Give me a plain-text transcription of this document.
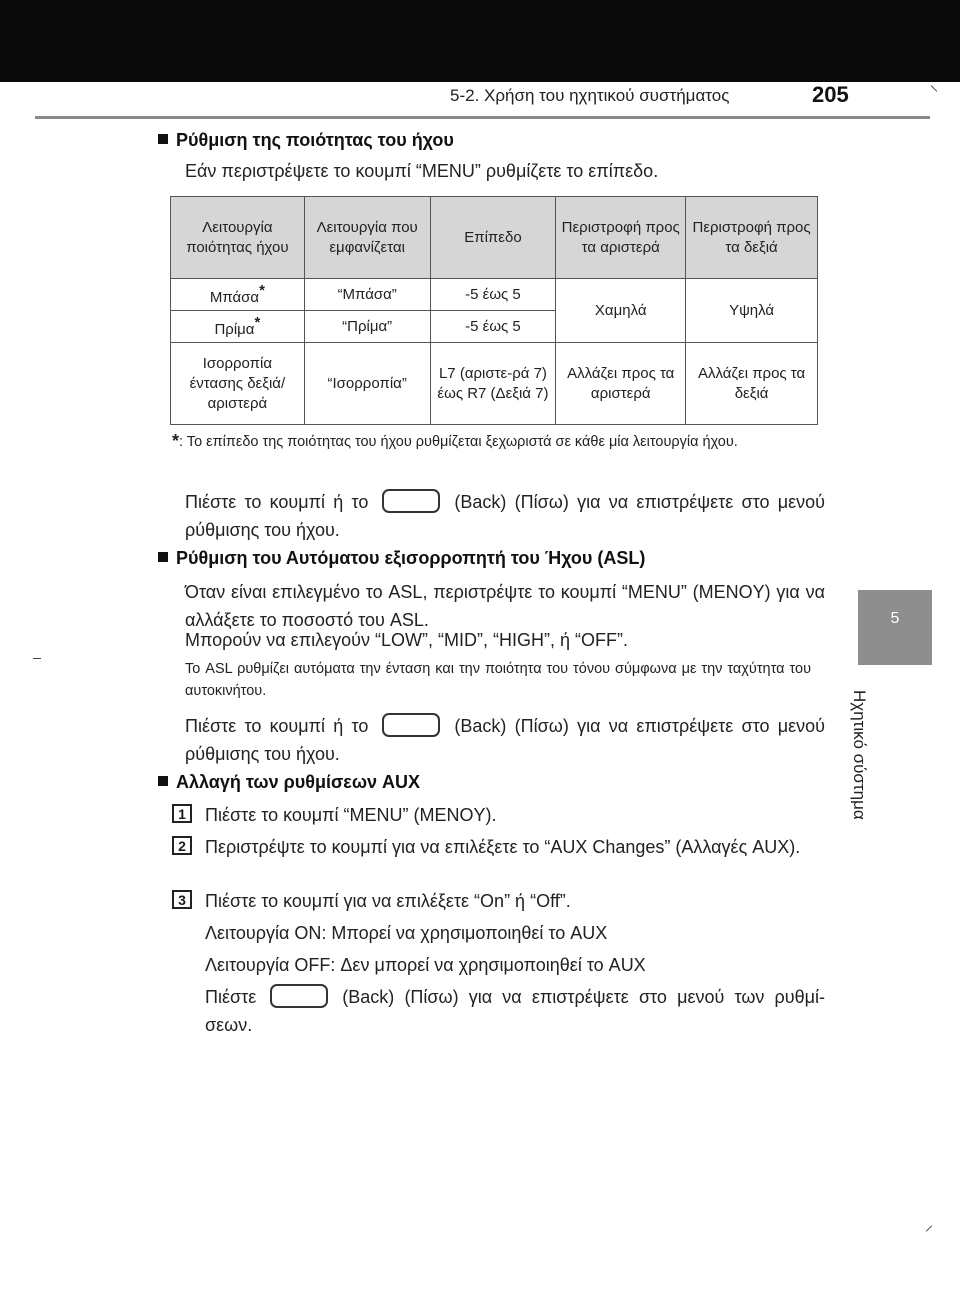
5-2. Χρήση του ηχητικού συστήματος	205
5
Ηχητικό σύστημα
Ρύθμιση της ποιότητας του ήχου
Εάν περιστρέψετε το κουμπί “MENU” ρυθμίζετε το επίπεδο.
Λειτουργία ποιότητας ήχου	Λειτουργία που εμφανίζεται	Επίπεδο	Περιστροφή προς τα αριστερά	Περιστροφή προς τα δεξιά
Μπάσα*	“Μπάσα”	-5 έως 5	Χαμηλά	Υψηλά
Πρίμα*	“Πρίμα”	-5 έως 5		
Ισορροπία έντασης δεξιά/ αριστερά	“Ισορροπία”	L7 (αριστε-ρά 7) έως R7 (Δεξιά 7)	Αλλάζει προς τα αριστερά	Αλλάζει προς τα δεξιά
*: Το επίπεδο της ποιότητας του ήχου ρυθμίζεται ξεχωριστά σε κάθε μία λειτουργία ήχου.
Πιέστε το κουμπί ή το	(Back) (Πίσω) για να επιστρέψετε στο μενού ρύθμισης του ήχου.
Ρύθμιση του Αυτόματου εξισορροπητή του Ήχου (ASL)
Όταν είναι επιλεγμένο το ASL, περιστρέψτε το κουμπί “MENU” (MENOY) για να αλλάξετε το ποσοστό του ASL.
Μπορούν να επιλεγούν “LOW”, “MID”, “HIGH”, ή “OFF”.
Το ASL ρυθμίζει αυτόματα την ένταση και την ποιότητα του τόνου σύμφωνα με την ταχύτητα του αυτοκινήτου.
Πιέστε το κουμπί ή το	(Back) (Πίσω) για να επιστρέψετε στο μενού ρύθμισης του ήχου.
Αλλαγή των ρυθμίσεων AUX
1	Πιέστε το κουμπί “MENU” (MENOY).
2	Περιστρέψτε το κουμπί για να επιλέξετε το “AUX Changes” (Αλλαγές AUX).
3	Πιέστε το κουμπί για να επιλέξετε “On” ή “Off”.
Λειτουργία ON: Μπορεί να χρησιμοποιηθεί το AUX
Λειτουργία OFF: Δεν μπορεί να χρησιμοποιηθεί το AUX
Πιέστε	(Back) (Πίσω) για να επιστρέψετε στο μενού των ρυθμί-σεων.
